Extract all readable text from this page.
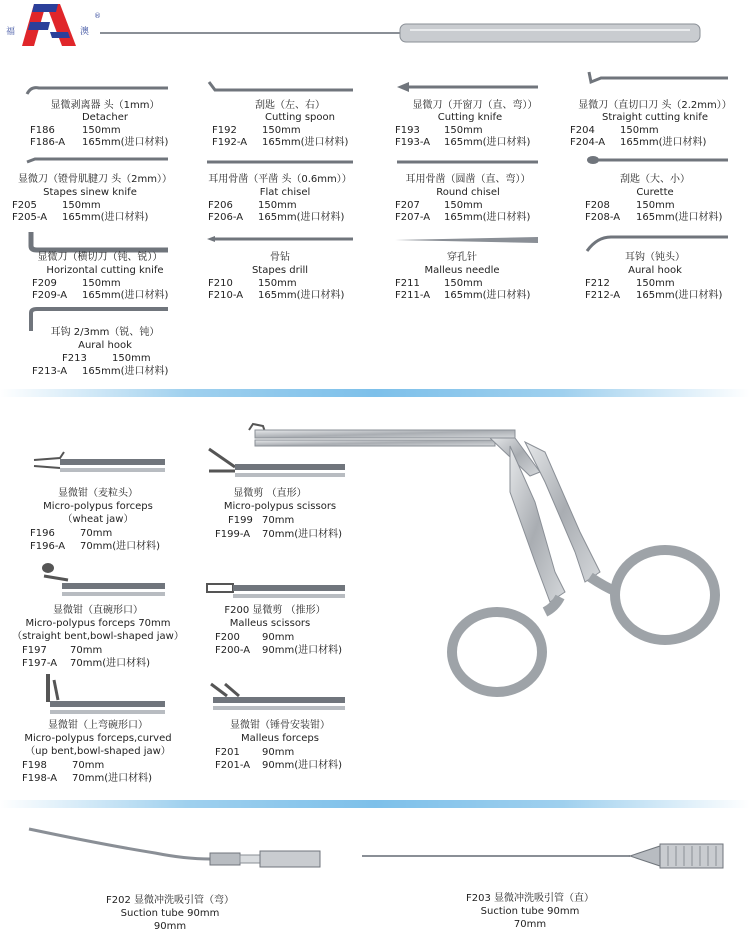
福	澳
®
显微剥离器 头（1mm）
Detacher
F186	150mm
F186-A 165mm(进口材料)
刮匙（左、右）
Cutting spoon
F192	150mm
F192-A 165mm(进口材料)
显微刀（开窗刀（直、弯））
Cutting knife
F193 150mm
F193-A 165mm(进口材料)
显微刀（直切口刀 头（2.2mm））
Straight cutting knife
F204	150mm
F204-A 165mm(进口材料)
显微刀（镫骨肌腱刀 头（2mm））
Stapes sinew knife
F205	150mm
F205-A 165mm(进口材料)
耳用骨凿（平凿 头（0.6mm））
Flat chisel
F206	150mm
F206-A 165mm(进口材料)
耳用骨凿（圆凿（直、弯））
Round chisel
F207 150mm
F207-A 165mm(进口材料)
刮匙（大、小）
Curette
F208	150mm
F208-A 165mm(进口材料)
显微刀（横切刀（钝、锐））
Horizontal cutting knife
F209	150mm
F209-A 165mm(进口材料)
骨钻
Stapes drill
F210	150mm
F210-A 165mm(进口材料)
穿孔针
Malleus needle
F211 150mm
F211-A 165mm(进口材料)
耳钩（钝头）
Aural hook
F212	150mm
F212-A 165mm(进口材料)
耳钩 2/3mm（锐、钝）
Aural hook
F213	150mm
F213-A 165mm(进口材料)
显微钳（麦粒头）
Micro-polypus forceps
（wheat jaw）
F196	70mm
F196-A 70mm(进口材料)
显微剪 （直形）
Micro-polypus scissors
F199 70mm
F199-A 70mm(进口材料)
显微钳（直碗形口）
Micro-polypus forceps 70mm
（straight bent,bowl-shaped jaw）
F197 70mm
F197-A 70mm(进口材料)
F200 显微剪 （推形）
Malleus scissors
F200 90mm
F200-A 90mm(进口材料)
显微钳（上弯碗形口）
Micro-polypus forceps,curved
（up bent,bowl-shaped jaw）
F198	70mm
F198-A 70mm(进口材料)
显微钳（锤骨安装钳）
Malleus forceps
F201 90mm
F201-A 90mm(进口材料)
F202 显微冲洗吸引管（弯）
Suction tube 90mm
90mm
F203 显微冲洗吸引管（直）
Suction tube 90mm
70mm
